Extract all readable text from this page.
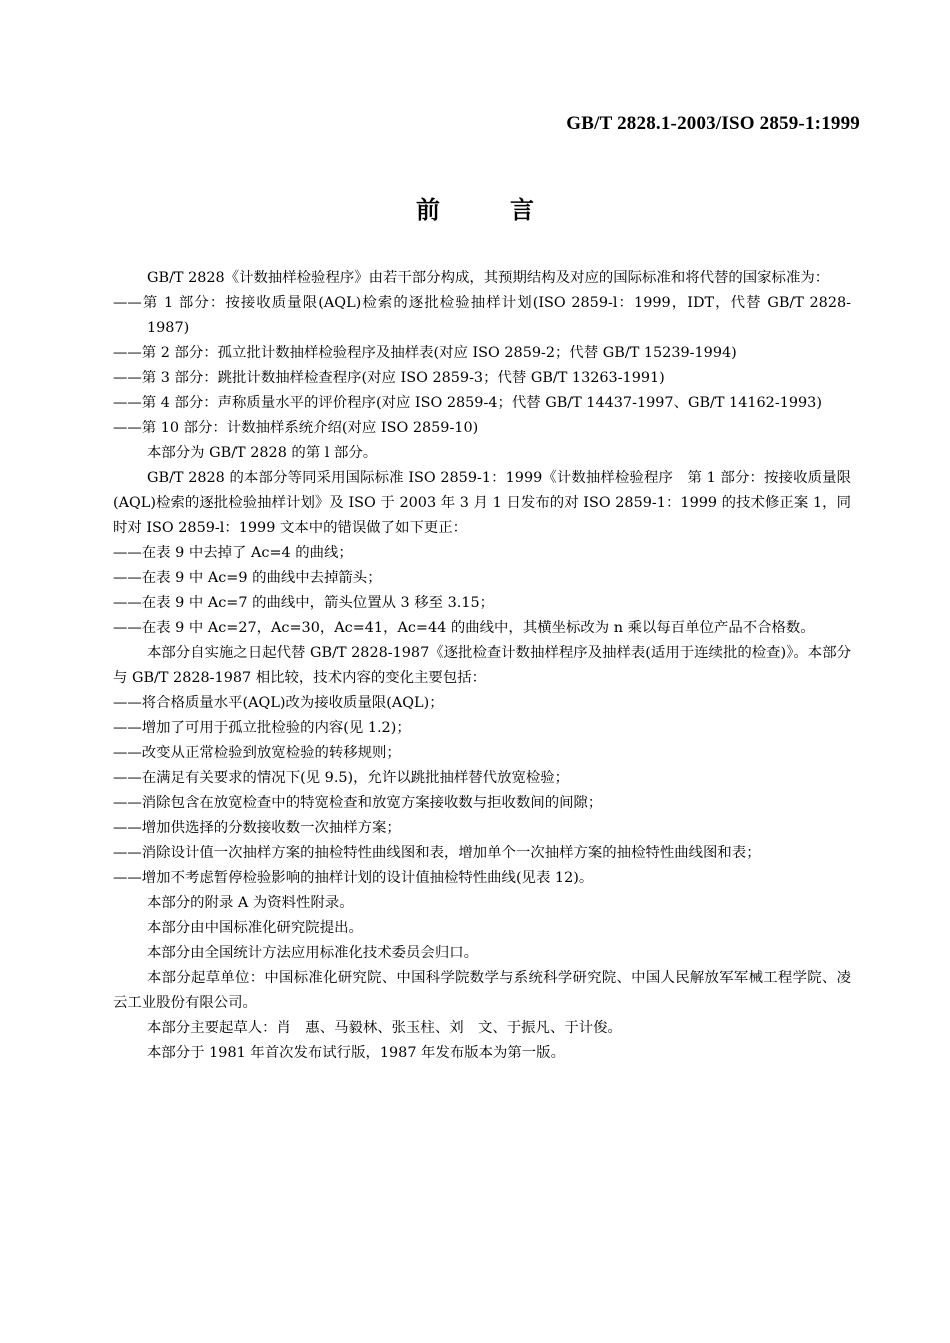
GB/T 2828.1-2003/ISO 2859-1:1999
前	言

GB/T 2828《计数抽样检验程序》由若干部分构成，其预期结构及对应的国际标准和将代替的国家标准为：

——第 1 部分：按接收质量限(AQL)检索的逐批检验抽样计划(ISO 2859-l：1999，IDT，代替 GB/T 2828-1987)

——第 2 部分：孤立批计数抽样检验程序及抽样表(对应 ISO 2859-2；代替 GB/T 15239-1994)

——第 3 部分：跳批计数抽样检查程序(对应 ISO 2859-3；代替 GB/T 13263-1991)

——第 4 部分：声称质量水平的评价程序(对应 ISO 2859-4；代替 GB/T 14437-1997、GB/T 14162-1993)

——第 10 部分：计数抽样系统介绍(对应 ISO 2859-10)

本部分为 GB/T 2828 的第 l 部分。

GB/T 2828 的本部分等同采用国际标准 ISO 2859-1：1999《计数抽样检验程序　第 1 部分：按接收质量限(AQL)检索的逐批检验抽样计划》及 ISO 于 2003 年 3 月 1 日发布的对 ISO 2859-1：1999 的技术修正案 1，同时对 ISO 2859-l：1999 文本中的错误做了如下更正：

——在表 9 中去掉了 Ac=4 的曲线；

——在表 9 中 Ac=9 的曲线中去掉箭头；

——在表 9 中 Ac=7 的曲线中，箭头位置从 3 移至 3.15；

——在表 9 中 Ac=27，Ac=30，Ac=41，Ac=44 的曲线中，其横坐标改为 n 乘以每百单位产品不合格数。

本部分自实施之日起代替 GB/T 2828-1987《逐批检查计数抽样程序及抽样表(适用于连续批的检查)》。本部分与 GB/T 2828-1987 相比较，技术内容的变化主要包括：

——将合格质量水平(AQL)改为接收质量限(AQL)；

——增加了可用于孤立批检验的内容(见 1.2)；

——改变从正常检验到放宽检验的转移规则；

——在满足有关要求的情况下(见 9.5)，允许以跳批抽样替代放宽检验；

——消除包含在放宽检查中的特宽检查和放宽方案接收数与拒收数间的间隙；

——增加供选择的分数接收数一次抽样方案；

——消除设计值一次抽样方案的抽检特性曲线图和表，增加单个一次抽样方案的抽检特性曲线图和表；

——增加不考虑暂停检验影响的抽样计划的设计值抽检特性曲线(见表 12)。

本部分的附录 A 为资料性附录。

本部分由中国标准化研究院提出。

本部分由全国统计方法应用标准化技术委员会归口。

本部分起草单位：中国标准化研究院、中国科学院数学与系统科学研究院、中国人民解放军军械工程学院、凌云工业股份有限公司。

本部分主要起草人：肖　惠、马毅林、张玉柱、刘　文、于振凡、于计俊。

本部分于 1981 年首次发布试行版，1987 年发布版本为第一版。
